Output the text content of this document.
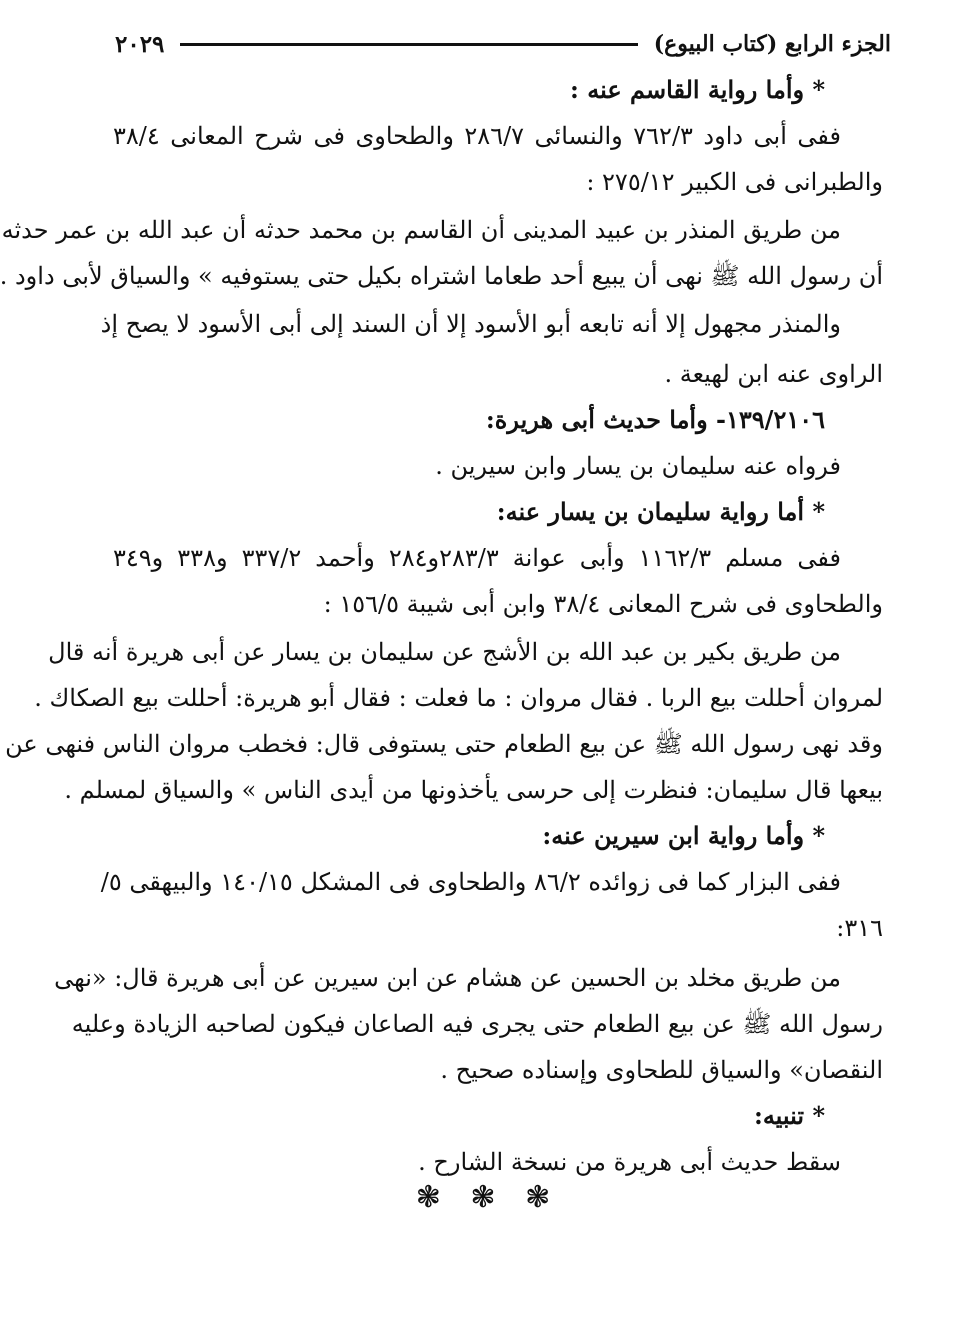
الجزء الرابع (كتاب البيوع)
٢٠٢٩

* وأما رواية القاسم عنه :

ففى أبى داود ٧٦٢/٣ والنسائى ٢٨٦/٧ والطحاوى فى شرح المعانى ٣٨/٤

والطبرانى فى الكبير ٢٧٥/١٢ :

من طريق المنذر بن عبيد المدينى أن القاسم بن محمد حدثه أن عبد الله بن عمر حدثه

أن رسول الله ﷺ نهى أن يبيع أحد طعاما اشتراه بكيل حتى يستوفيه » والسياق لأبى داود .

والمنذر مجهول إلا أنه تابعه أبو الأسود إلا أن السند إلى أبى الأسود لا يصح إذ

الراوى عنه ابن لهيعة .

١٣٩/٢١٠٦- وأما حديث أبى هريرة:

فرواه عنه سليمان بن يسار وابن سيرين .

* أما رواية سليمان بن يسار عنه:

ففى مسلم ١١٦٢/٣ وأبى عوانة ٢٨٣/٣و٢٨٤ وأحمد ٣٣٧/٢ و٣٣٨ و٣٤٩

والطحاوى فى شرح المعانى ٣٨/٤ وابن أبى شيبة ١٥٦/٥ :

من طريق بكير بن عبد الله بن الأشج عن سليمان بن يسار عن أبى هريرة أنه قال

لمروان أحللت بيع الربا . فقال مروان : ما فعلت : فقال أبو هريرة: أحللت بيع الصكاك .

وقد نهى رسول الله ﷺ عن بيع الطعام حتى يستوفى قال: فخطب مروان الناس فنهى عن

بيعها قال سليمان: فنظرت إلى حرسى يأخذونها من أيدى الناس » والسياق لمسلم .

* وأما رواية ابن سيرين عنه:

ففى البزار كما فى زوائده ٨٦/٢ والطحاوى فى المشكل ١٤٠/١٥ والبيهقى ٥/

٣١٦:

من طريق مخلد بن الحسين عن هشام عن ابن سيرين عن أبى هريرة قال: «نهى

رسول الله ﷺ عن بيع الطعام حتى يجرى فيه الصاعان فيكون لصاحبه الزيادة وعليه

النقصان» والسياق للطحاوى وإسناده صحيح .

* تنبيه:

سقط حديث أبى هريرة من نسخة الشارح .

❃ ❃ ❃
